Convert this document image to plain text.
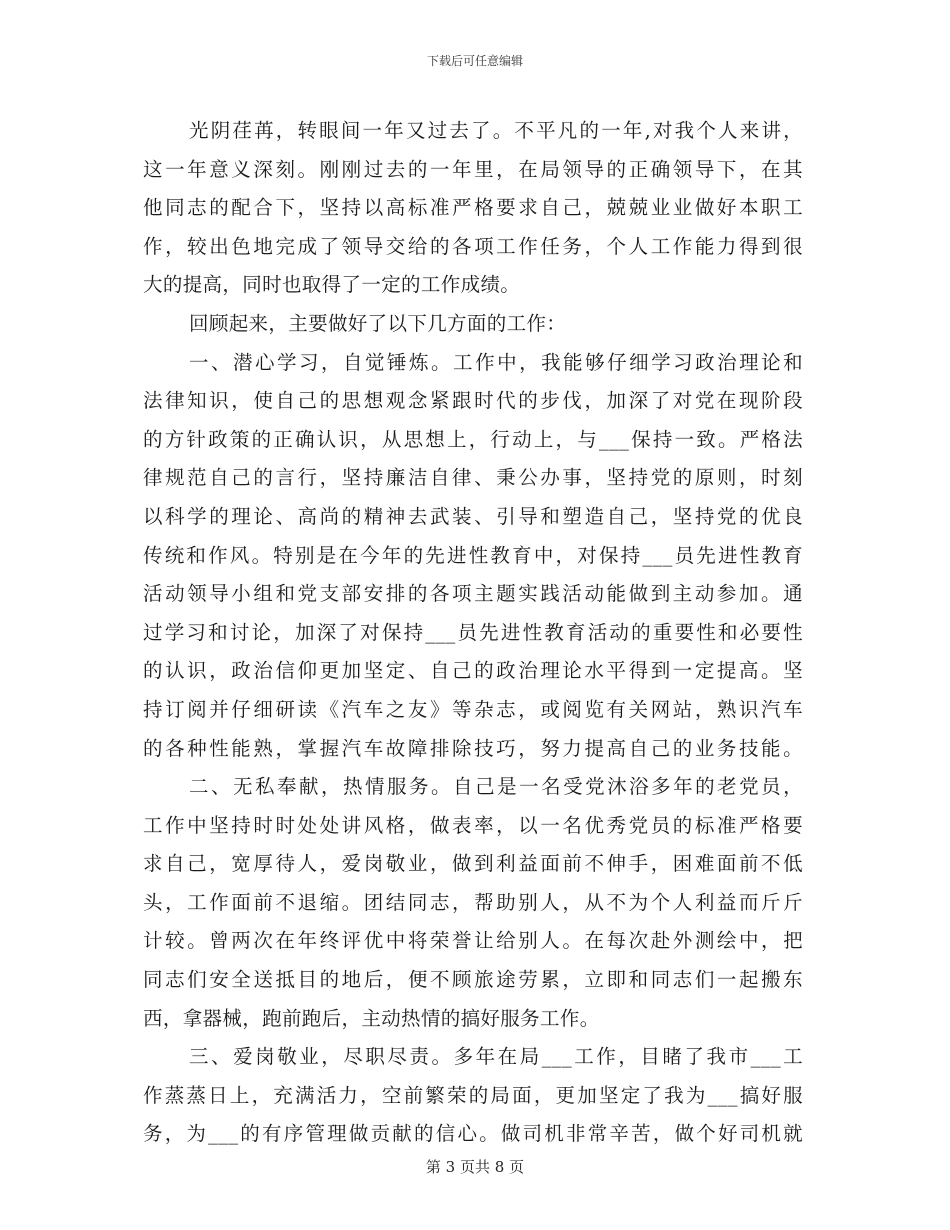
下载后可任意编辑
光阴荏苒，转眼间一年又过去了。不平凡的一年,对我个人来讲，
这一年意义深刻。刚刚过去的一年里，在局领导的正确领导下，在其
他同志的配合下，坚持以高标准严格要求自己，兢兢业业做好本职工
作，较出色地完成了领导交给的各项工作任务，个人工作能力得到很
大的提高，同时也取得了一定的工作成绩。
回顾起来，主要做好了以下几方面的工作：
一、潜心学习，自觉锤炼。工作中，我能够仔细学习政治理论和
法律知识，使自己的思想观念紧跟时代的步伐，加深了对党在现阶段
的方针政策的正确认识，从思想上，行动上，与___保持一致。严格法
律规范自己的言行，坚持廉洁自律、秉公办事，坚持党的原则，时刻
以科学的理论、高尚的精神去武装、引导和塑造自己，坚持党的优良
传统和作风。特别是在今年的先进性教育中，对保持___员先进性教育
活动领导小组和党支部安排的各项主题实践活动能做到主动参加。通
过学习和讨论，加深了对保持___员先进性教育活动的重要性和必要性
的认识，政治信仰更加坚定、自己的政治理论水平得到一定提高。坚
持订阅并仔细研读《汽车之友》等杂志，或阅览有关网站，熟识汽车
的各种性能熟，掌握汽车故障排除技巧，努力提高自己的业务技能。
二、无私奉献，热情服务。自己是一名受党沐浴多年的老党员，
工作中坚持时时处处讲风格，做表率，以一名优秀党员的标准严格要
求自己，宽厚待人，爱岗敬业，做到利益面前不伸手，困难面前不低
头，工作面前不退缩。团结同志，帮助别人，从不为个人利益而斤斤
计较。曾两次在年终评优中将荣誉让给别人。在每次赴外测绘中，把
同志们安全送抵目的地后，便不顾旅途劳累，立即和同志们一起搬东
西，拿器械，跑前跑后，主动热情的搞好服务工作。
三、爱岗敬业，尽职尽责。多年在局___工作，目睹了我市___工
作蒸蒸日上，充满活力，空前繁荣的局面，更加坚定了我为___搞好服
务，为___的有序管理做贡献的信心。做司机非常辛苦，做个好司机就
第 3 页共 8 页
